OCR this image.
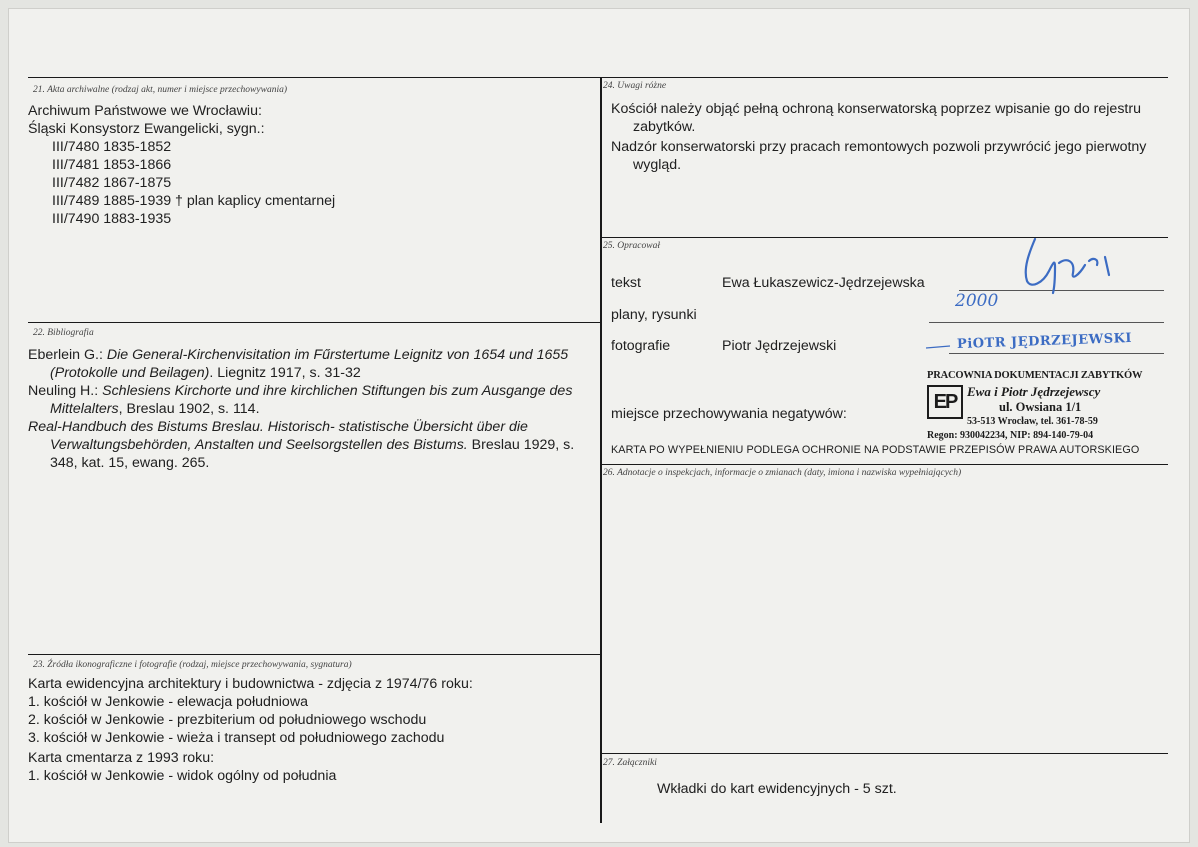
21. Akta archiwalne (rodzaj akt, numer i miejsce przechowywania)
Archiwum Państwowe we Wrocławiu:
Śląski Konsystorz Ewangelicki, sygn.:
III/7480 1835-1852
III/7481 1853-1866
III/7482 1867-1875
III/7489 1885-1939 † plan kaplicy cmentarnej
III/7490 1883-1935
22. Bibliografia
Eberlein G.: Die General-Kirchenvisitation im Fűrstertume Leignitz von 1654 und 1655 (Protokolle und Beilagen). Liegnitz 1917, s. 31-32
Neuling H.: Schlesiens Kirchorte und ihre kirchlichen Stiftungen bis zum Ausgange des Mittelalters, Breslau 1902, s. 114.
Real-Handbuch des Bistums Breslau. Historisch- statistische Übersicht über die Verwaltungsbehörden, Anstalten und Seelsorgstellen des Bistums. Breslau 1929, s. 348, kat. 15, ewang. 265.
23. Źródła ikonograficzne i fotografie (rodzaj, miejsce przechowywania, sygnatura)
Karta ewidencyjna architektury i budownictwa - zdjęcia z 1974/76 roku:
1. kościół w Jenkowie - elewacja południowa
2. kościół w Jenkowie - prezbiterium od południowego wschodu
3. kościół w Jenkowie - wieża i transept od południowego zachodu
Karta cmentarza z 1993 roku:
1. kościół w Jenkowie - widok ogólny od południa
24. Uwagi różne
Kościół należy objąć pełną ochroną konserwatorską poprzez wpisanie go do rejestru zabytków.
Nadzór konserwatorski przy pracach remontowych pozwoli przywrócić jego pierwotny wygląd.
25. Opracował
tekst	Ewa Łukaszewicz-Jędrzejewska
plany, rysunki
fotografie	Piotr Jędrzejewski
miejsce przechowywania negatywów:
KARTA PO WYPEŁNIENIU PODLEGA OCHRONIE NA PODSTAWIE PRZEPISÓW PRAWA AUTORSKIEGO
2000
PiOTR JĘDRZEJEWSKI
PRACOWNIA DOKUMENTACJI ZABYTKÓW
EP Ewa i Piotr Jędrzejewscy
ul. Owsiana 1/1
53-513 Wrocław, tel. 361-78-59
Regon: 930042234, NIP: 894-140-79-04
26. Adnotacje o inspekcjach, informacje o zmianach (daty, imiona i nazwiska wypełniających)
27. Załączniki
Wkładki do kart ewidencyjnych - 5 szt.
